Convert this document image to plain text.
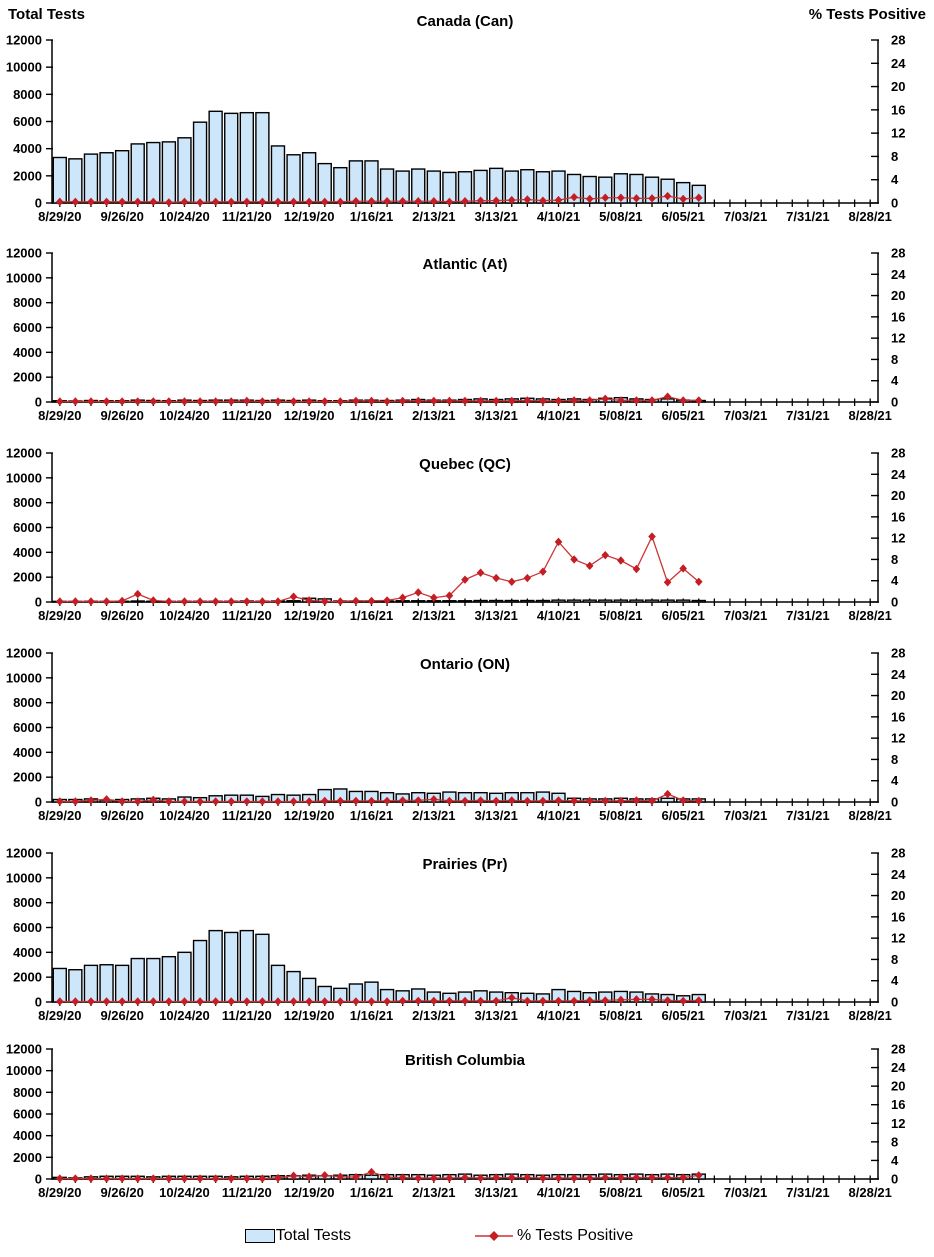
Total Tests	% Tests Positive
Canada (Can)
0
2000
4000
6000
8000
10000
12000
0
4
8
12
16
20
24
28
8/29/20 9/26/20 10/24/20 11/21/20 12/19/20 1/16/21 2/13/21 3/13/21 4/10/21 5/08/21 6/05/21 7/03/21 7/31/21 8/28/21
Atlantic (At)
0
2000
4000
6000
8000
10000
12000
0
4
8
12
16
20
24
28
8/29/20 9/26/20 10/24/20 11/21/20 12/19/20 1/16/21 2/13/21 3/13/21 4/10/21 5/08/21 6/05/21 7/03/21 7/31/21 8/28/21
Quebec (QC)
0
2000
4000
6000
8000
10000
12000
0
4
8
12
16
20
24
28
8/29/20 9/26/20 10/24/20 11/21/20 12/19/20 1/16/21 2/13/21 3/13/21 4/10/21 5/08/21 6/05/21 7/03/21 7/31/21 8/28/21
Ontario (ON)
0
2000
4000
6000
8000
10000
12000
0
4
8
12
16
20
24
28
8/29/20 9/26/20 10/24/20 11/21/20 12/19/20 1/16/21 2/13/21 3/13/21 4/10/21 5/08/21 6/05/21 7/03/21 7/31/21 8/28/21
Prairies (Pr)
0
2000
4000
6000
8000
10000
12000
0
4
8
12
16
20
24
28
8/29/20 9/26/20 10/24/20 11/21/20 12/19/20 1/16/21 2/13/21 3/13/21 4/10/21 5/08/21 6/05/21 7/03/21 7/31/21 8/28/21
British Columbia
0
2000
4000
6000
8000
10000
12000
0
4
8
12
16
20
24
28
8/29/20 9/26/20 10/24/20 11/21/20 12/19/20 1/16/21 2/13/21 3/13/21 4/10/21 5/08/21 6/05/21 7/03/21 7/31/21 8/28/21
Total Tests	% Tests Positive
